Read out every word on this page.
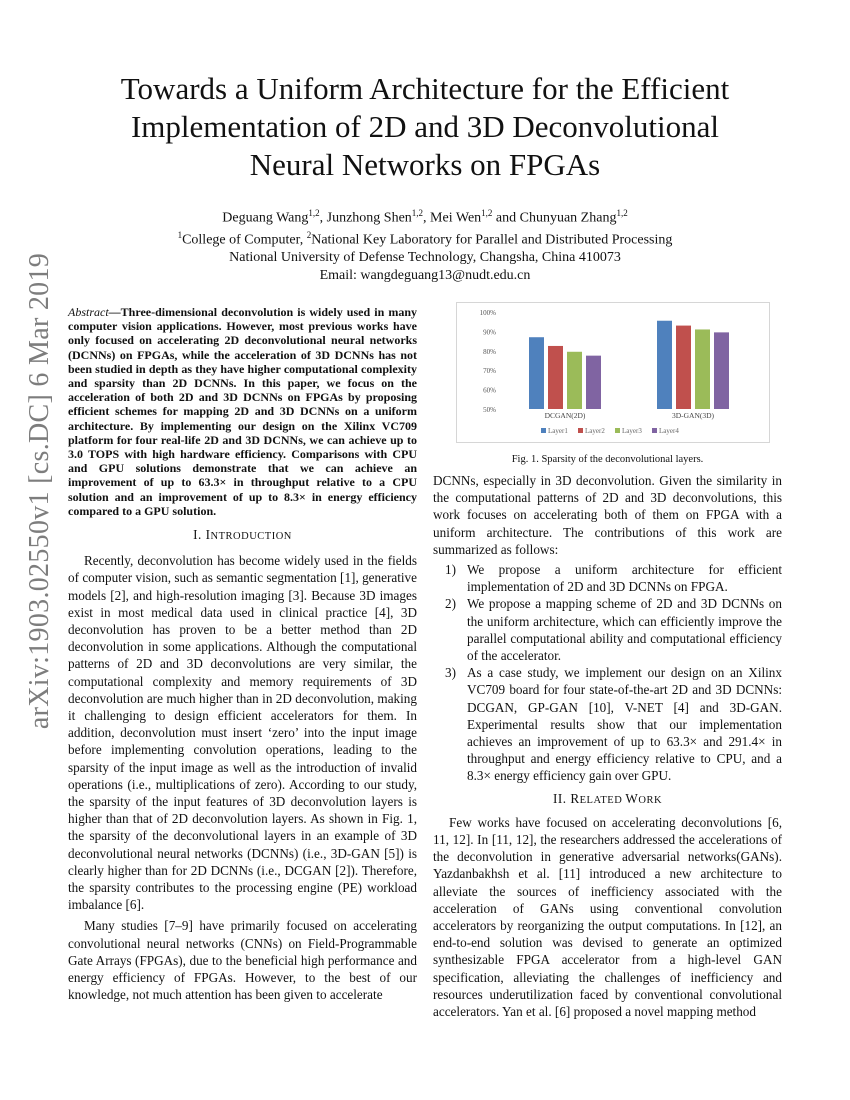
arXiv:1903.02550v1 [cs.DC] 6 Mar 2019
Towards a Uniform Architecture for the Efficient
Implementation of 2D and 3D Deconvolutional
Neural Networks on FPGAs
Deguang Wang$^{1,2}$, Junzhong Shen$^{1,2}$, Mei Wen$^{1,2}$ and Chunyuan Zhang$^{1,2}$
$^1$College of Computer, $^2$National Key Laboratory for Parallel and Distributed Processing
National University of Defense Technology, Changsha, China 410073
Email: wangdeguang13@nudt.edu.cn
Abstract—Three-dimensional deconvolution is widely used in many computer vision applications. However, most previous works have only focused on accelerating 2D deconvolutional neural networks (DCNNs) on FPGAs, while the acceleration of 3D DCNNs has not been studied in depth as they have higher computational complexity and sparsity than 2D DCNNs. In this paper, we focus on the acceleration of both 2D and 3D DCNNs on FPGAs by proposing efficient schemes for mapping 2D and 3D DCNNs on a uniform architecture. By implementing our design on the Xilinx VC709 platform for four real-life 2D and 3D DCNNs, we can achieve up to 3.0 TOPS with high hardware efficiency. Comparisons with CPU and GPU solutions demonstrate that we can achieve an improvement of up to 63.3× in throughput relative to a CPU solution and an improvement of up to 8.3× in energy efficiency compared to a GPU solution.
I. INTRODUCTION

Recently, deconvolution has become widely used in the fields of computer vision, such as semantic segmentation [1], generative models [2], and high-resolution imaging [3]. Because 3D images exist in most medical data used in clinical practice [4], 3D deconvolution has proven to be a better method than 2D deconvolution in some applications. Although the computational patterns of 2D and 3D deconvolutions are very similar, the computational complexity and memory requirements of 3D deconvolution are much higher than in 2D deconvolution, making it challenging to design efficient accelerators for them. In addition, deconvolution must insert ‘zero’ into the input image before implementing convolution operations, leading to the sparsity of the input image as well as the introduction of invalid operations (i.e., multiplications of zero). According to our study, the sparsity of the input features of 3D deconvolution layers is higher than that of 2D deconvolution layers. As shown in Fig. 1, the sparsity of the deconvolutional layers in an example of 3D deconvolutional neural networks (DCNNs) (i.e., 3D-GAN [5]) is clearly higher than for 2D DCNNs (i.e., DCGAN [2]). Therefore, the sparsity contributes to the processing engine (PE) workload imbalance [6].

Many studies [7–9] have primarily focused on accelerating convolutional neural networks (CNNs) on Field-Programmable Gate Arrays (FPGAs), due to the beneficial high performance and energy efficiency of FPGAs. However, to the best of our knowledge, not much attention has been given to accelerate

100%
90%
80%
70%
60%
50%
DCGAN(2D)	3D-GAN(3D)
Layer1 Layer2 Layer3 Layer4
Fig. 1. Sparsity of the deconvolutional layers.

DCNNs, especially in 3D deconvolution. Given the similarity in the computational patterns of 2D and 3D deconvolutions, this work focuses on accelerating both of them on FPGA with a uniform architecture. The contributions of this work are summarized as follows:

1) We propose a uniform architecture for efficient implementation of 2D and 3D DCNNs on FPGA.
2) We propose a mapping scheme of 2D and 3D DCNNs on the uniform architecture, which can efficiently improve the parallel computational ability and computational efficiency of the accelerator.
3) As a case study, we implement our design on an Xilinx VC709 board for four state-of-the-art 2D and 3D DCNNs: DCGAN, GP-GAN [10], V-NET [4] and 3D-GAN. Experimental results show that our implementation achieves an improvement of up to 63.3× and 291.4× in throughput and energy efficiency relative to CPU, and a 8.3× energy efficiency gain over GPU.
II. RELATED WORK

Few works have focused on accelerating deconvolutions [6, 11, 12]. In [11, 12], the researchers addressed the accelerations of the deconvolution in generative adversarial networks(GANs). Yazdanbakhsh et al. [11] introduced a new architecture to alleviate the sources of inefficiency associated with the acceleration of GANs using conventional convolution accelerators by reorganizing the output computations. In [12], an end-to-end solution was devised to generate an optimized synthesizable FPGA accelerator from a high-level GAN specification, alleviating the challenges of inefficiency and resources underutilization faced by conventional convolutional accelerators. Yan et al. [6] proposed a novel mapping method
